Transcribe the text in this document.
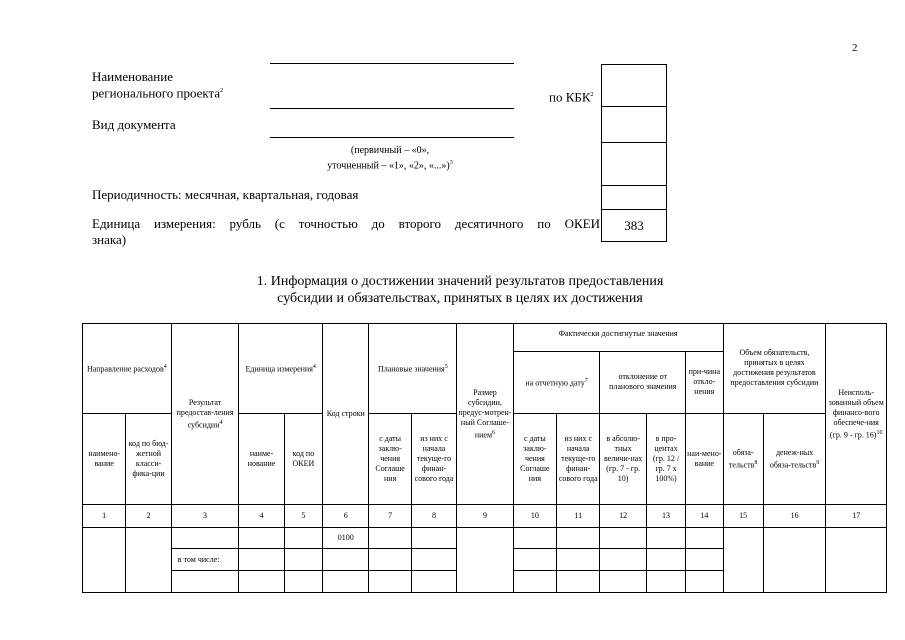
2
Наименование
регионального проекта$^2$	по КБК$^2$
Вид документа
(первичный – «0»,
уточненный – «1», «2», «...»)$^3$
Периодичность: месячная, квартальная, годовая
Единица измерения: рубль (с точностью до второго десятичного по ОКЕИ
знака)
383
1. Информация о достижении значений результатов предоставления
субсидии и обязательствах, принятых в целях их достижения
Направление расходов$^4$		Результат предостав-ления субсидии$^4$	Единица измерения$^4$		Код строки	Плановые значения$^5$		Размер субсидии, предус-мотрен-ный Соглаше-нием$^6$	Фактически достигнутые значения					Объем обязательств, принятых в целях достижения результатов предоставления субсидии		Неисполь-зованный объем финансо-вого обеспече-ния (гр. 9 - гр. 16)$^{10}$
									на отчетную дату$^7$		отклонение от планового значения		при-чина откло-нения			
наимено-вание	код по бюд-жетной класси-фика-ции		наиме-нование	код по ОКЕИ		с даты заклю-чения Соглаше ния	из них с начала текуще-го финан-сового года		с даты заклю-чения Соглаше ния	из них с начала текуще-го финан-сового года	в абсолю-тных величи-нах (гр. 7 - гр. 10)	в про-центах (гр. 12 / гр. 7 х 100%)	наи-мено-вание	обяза-тельств$^8$	денеж-ных обяза-тельств$^9$
1	2	3	4	5	6	7	8	9	10	11	12	13	14	15	16	17
					0100											
		в том числе:														
